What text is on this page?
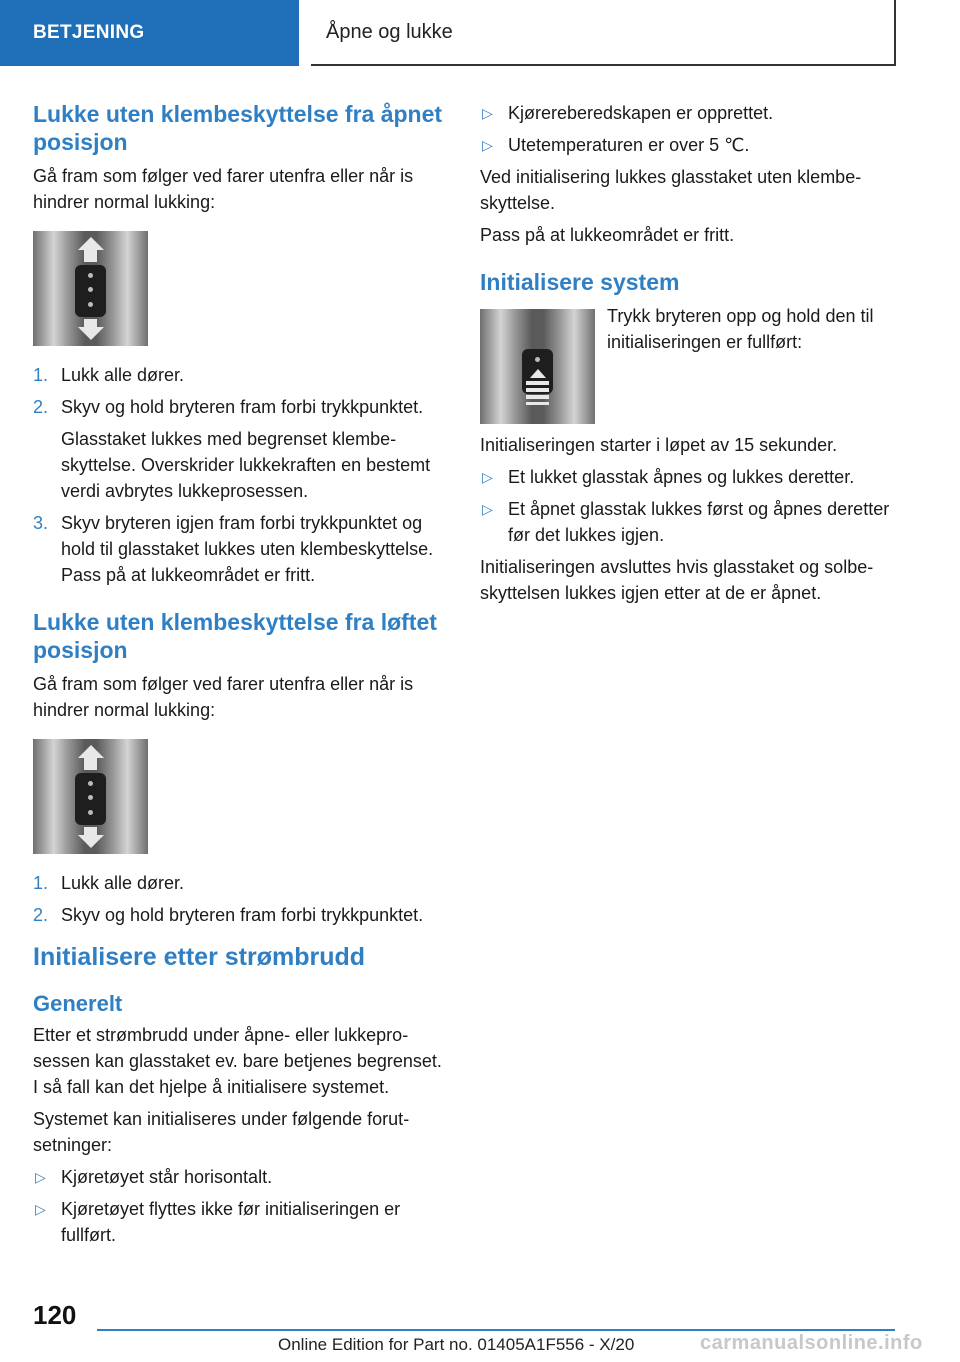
BETJENING	Åpne og lukke
Lukke uten klembeskyttelse fra åpnet posisjon

Gå fram som følger ved farer utenfra eller når is hindrer normal lukking:

1. Lukk alle dører.
2. Skyv og hold bryteren fram forbi trykkpunktet.
Glasstaket lukkes med begrenset klembeskyttelse. Overskrider lukkekraften en bestemt verdi avbrytes lukkeprosessen.
3. Skyv bryteren igjen fram forbi trykkpunktet og hold til glasstaket lukkes uten klembeskyttelse. Pass på at lukkeområdet er fritt.
Lukke uten klembeskyttelse fra løftet posisjon

Gå fram som følger ved farer utenfra eller når is hindrer normal lukking:

1. Lukk alle dører.
2. Skyv og hold bryteren fram forbi trykkpunktet.
Initialisere etter strømbrudd
Generelt

Etter et strømbrudd under åpne- eller lukkeprosessen kan glasstaket ev. bare betjenes begrenset. I så fall kan det hjelpe å initialisere systemet.

Systemet kan initialiseres under følgende forutsetninger:

▷ Kjøretøyet står horisontalt.
▷ Kjøretøyet flyttes ikke før initialiseringen er fullført.
▷ Kjørereberedskapen er opprettet.
▷ Utetemperaturen er over 5 ℃.

Ved initialisering lukkes glasstaket uten klembeskyttelse.

Pass på at lukkeområdet er fritt.

Initialisere system

Trykk bryteren opp og hold den til initialiseringen er fullført:

Initialiseringen starter i løpet av 15 sekunder.

▷ Et lukket glasstak åpnes og lukkes deretter.
▷ Et åpnet glasstak lukkes først og åpnes deretter før det lukkes igjen.

Initialiseringen avsluttes hvis glasstaket og solbeskyttelsen lukkes igjen etter at de er åpnet.

120
Online Edition for Part no. 01405A1F556 - X/20	carmanualsonline.info
